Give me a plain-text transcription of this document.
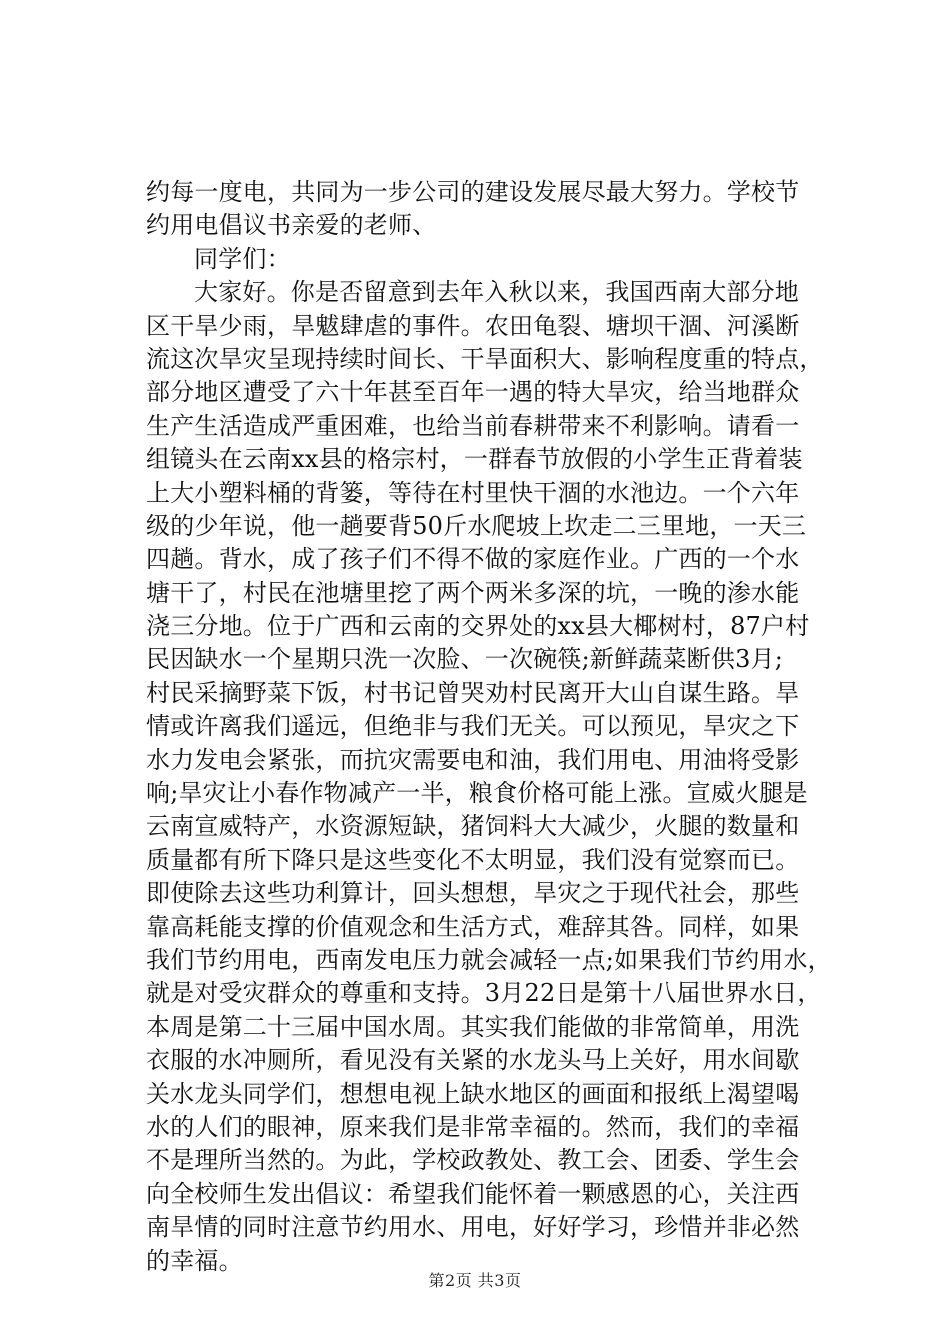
约每一度电，共同为一步公司的建设发展尽最大努力。学校节
约用电倡议书亲爱的老师、
同学们：
大家好。你是否留意到去年入秋以来，我国西南大部分地
区干旱少雨，旱魃肆虐的事件。农田龟裂、塘坝干涸、河溪断
流这次旱灾呈现持续时间长、干旱面积大、影响程度重的特点，
部分地区遭受了六十年甚至百年一遇的特大旱灾，给当地群众
生产生活造成严重困难，也给当前春耕带来不利影响。请看一
组镜头在云南xx县的格宗村，一群春节放假的小学生正背着装
上大小塑料桶的背篓，等待在村里快干涸的水池边。一个六年
级的少年说，他一趟要背50斤水爬坡上坎走二三里地，一天三
四趟。背水，成了孩子们不得不做的家庭作业。广西的一个水
塘干了，村民在池塘里挖了两个两米多深的坑，一晚的渗水能
浇三分地。位于广西和云南的交界处的xx县大椰树村，87户村
民因缺水一个星期只洗一次脸、一次碗筷;新鲜蔬菜断供3月;
村民采摘野菜下饭，村书记曾哭劝村民离开大山自谋生路。旱
情或许离我们遥远，但绝非与我们无关。可以预见，旱灾之下
水力发电会紧张，而抗灾需要电和油，我们用电、用油将受影
响;旱灾让小春作物减产一半，粮食价格可能上涨。宣威火腿是
云南宣威特产，水资源短缺，猪饲料大大减少，火腿的数量和
质量都有所下降只是这些变化不太明显，我们没有觉察而已。
即使除去这些功利算计，回头想想，旱灾之于现代社会，那些
靠高耗能支撑的价值观念和生活方式，难辞其咎。同样，如果
我们节约用电，西南发电压力就会减轻一点;如果我们节约用水，
就是对受灾群众的尊重和支持。3月22日是第十八届世界水日，
本周是第二十三届中国水周。其实我们能做的非常简单，用洗
衣服的水冲厕所，看见没有关紧的水龙头马上关好，用水间歇
关水龙头同学们，想想电视上缺水地区的画面和报纸上渴望喝
水的人们的眼神，原来我们是非常幸福的。然而，我们的幸福
不是理所当然的。为此，学校政教处、教工会、团委、学生会
向全校师生发出倡议：希望我们能怀着一颗感恩的心，关注西
南旱情的同时注意节约用水、用电，好好学习，珍惜并非必然
的幸福。
第2页 共3页
